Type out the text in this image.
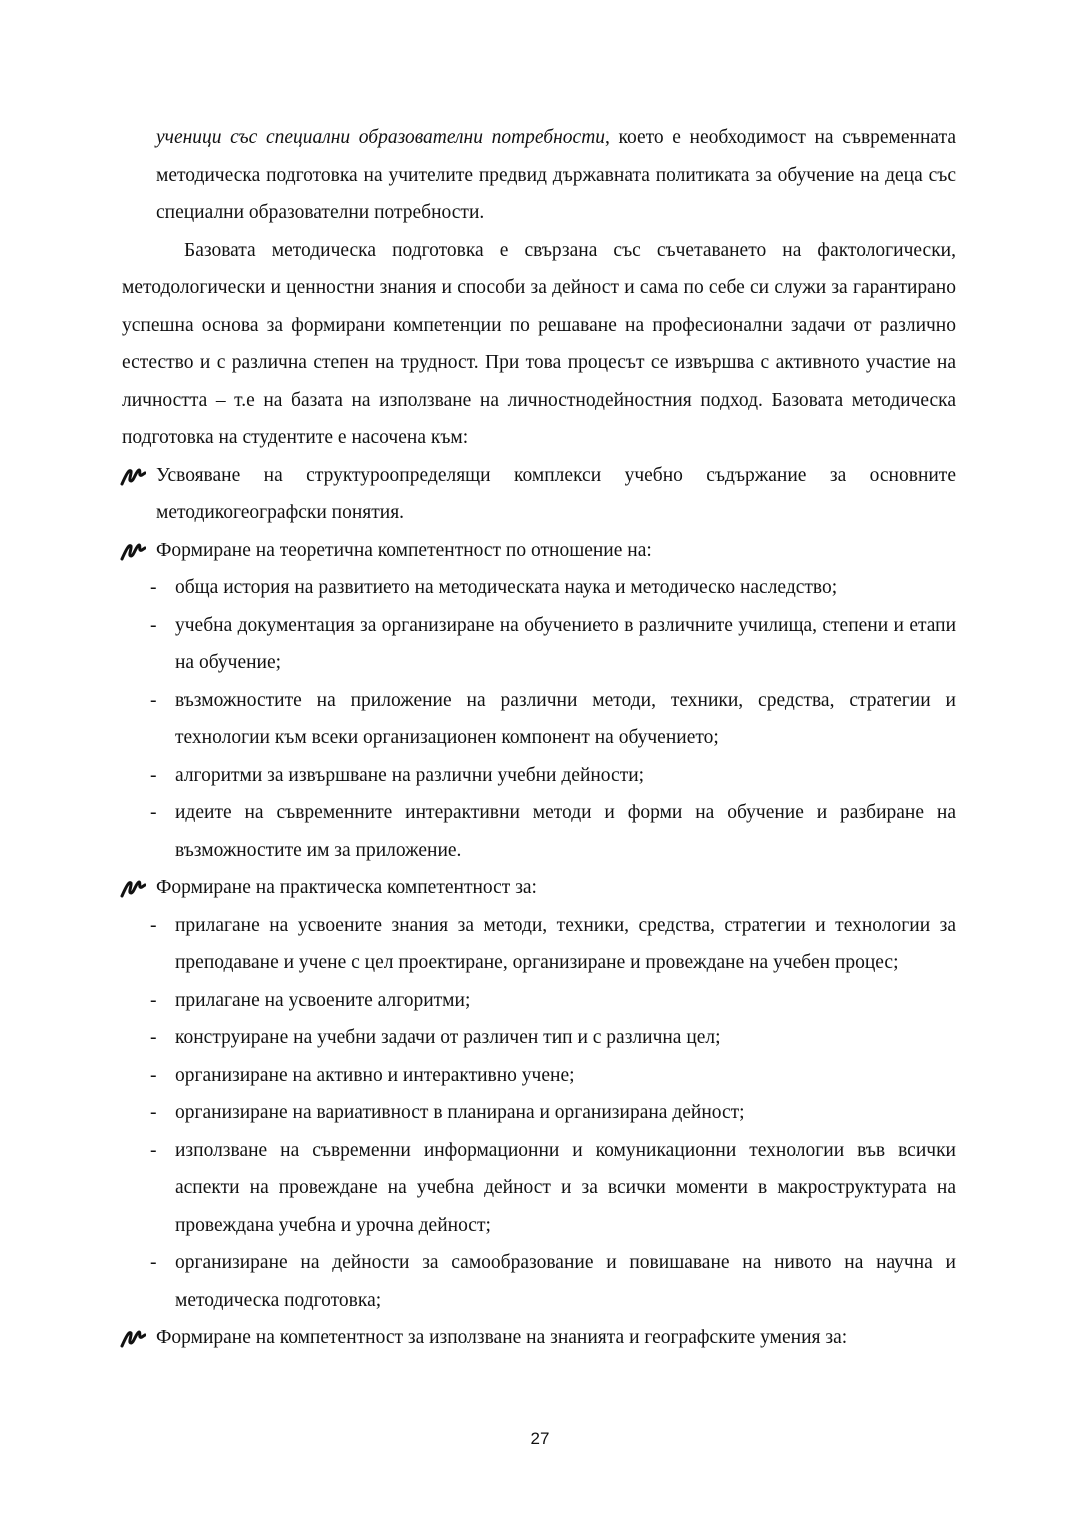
ученици със специални образователни потребности, което е необходимост на съвременната методическа подготовка на учителите предвид държавната политиката за обучение на деца със специални образователни потребности.

Базовата методическа подготовка е свързана със съчетаването на фактологически, методологически и ценностни знания и способи за дейност и сама по себе си служи за гарантирано успешна основа за формирани компетенции по решаване на професионални задачи от различно естество и с различна степен на трудност. При това процесът се извършва с активното участие на личността – т.е на базата на използване на личностнодейностния подход. Базовата методическа подготовка на студентите е насочена към:

Усвояване на структуроопределящи комплекси учебно съдържание за основните методикогеографски понятия.
Формиране на теоретична компетентност по отношение на:
- обща история на развитието на методическата наука и методическо наследство;
- учебна документация за организиране на обучението в различните училища, степени и етапи на обучение;
- възможностите на приложение на различни методи, техники, средства, стратегии и технологии към всеки организационен компонент на обучението;
- алгоритми за извършване на различни учебни дейности;
- идеите на съвременните интерактивни методи и форми на обучение и разбиране на възможностите им за приложение.
Формиране на практическа компетентност за:
- прилагане на усвоените знания за методи, техники, средства, стратегии и технологии за преподаване и учене с цел проектиране, организиране и провеждане на учебен процес;
- прилагане на усвоените алгоритми;
- конструиране на учебни задачи от различен тип и с различна цел;
- организиране на активно и интерактивно учене;
- организиране на вариативност в планирана и организирана дейност;
- използване на съвременни информационни и комуникационни технологии във всички аспекти на провеждане на учебна дейност и за всички моменти в макроструктурата на провеждана учебна и урочна дейност;
- организиране на дейности за самообразование и повишаване на нивото на научна и методическа подготовка;
Формиране на компетентност за използване на знанията и географските умения за:
27
